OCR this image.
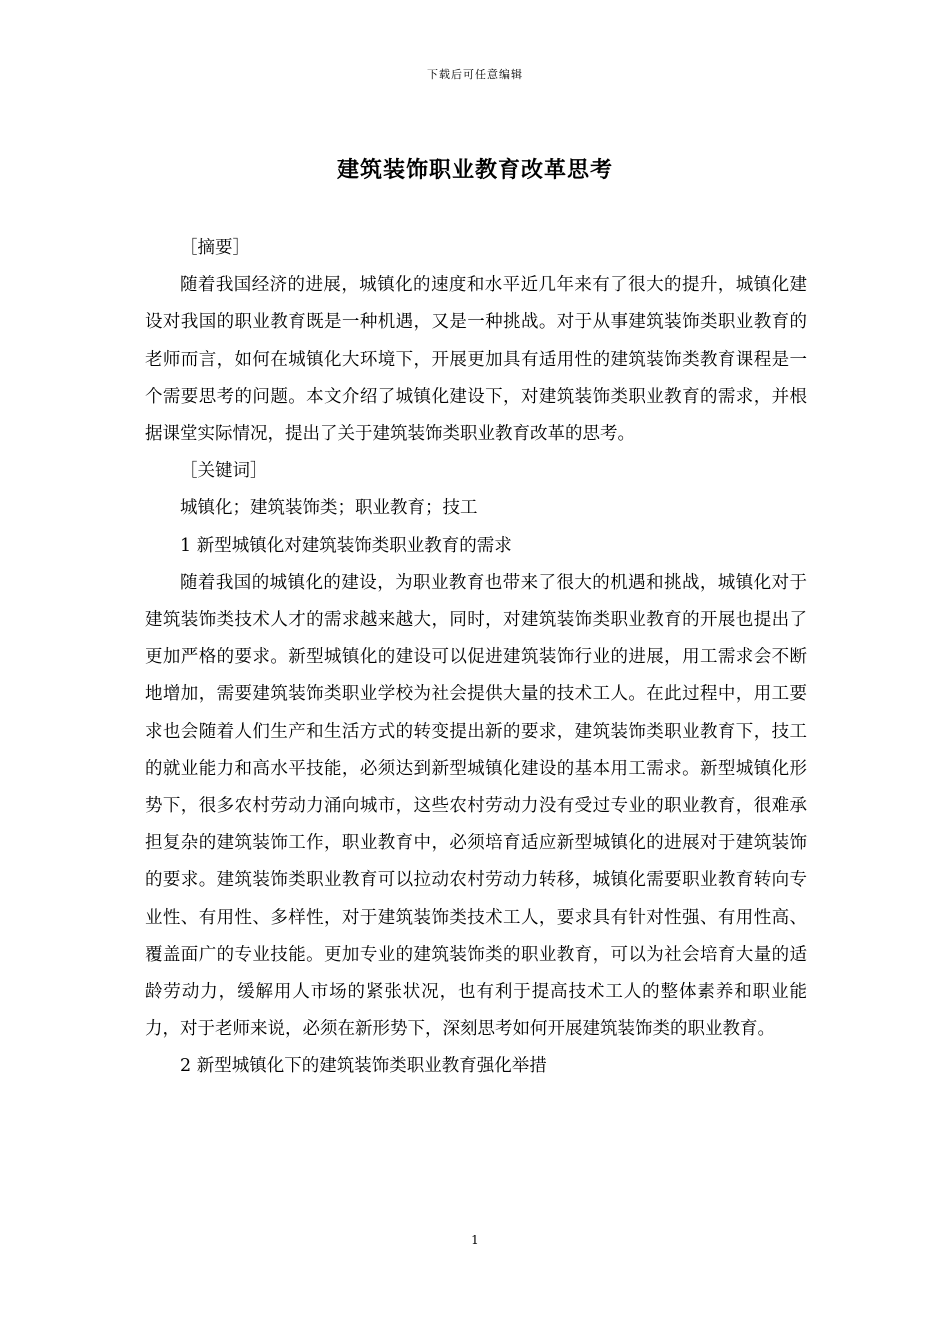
下载后可任意编辑
建筑装饰职业教育改革思考

［摘要］

随着我国经济的进展，城镇化的速度和水平近几年来有了很大的提升，城镇化建设对我国的职业教育既是一种机遇，又是一种挑战。对于从事建筑装饰类职业教育的老师而言，如何在城镇化大环境下，开展更加具有适用性的建筑装饰类教育课程是一个需要思考的问题。本文介绍了城镇化建设下，对建筑装饰类职业教育的需求，并根据课堂实际情况，提出了关于建筑装饰类职业教育改革的思考。

［关键词］

城镇化；建筑装饰类；职业教育；技工

1 新型城镇化对建筑装饰类职业教育的需求

随着我国的城镇化的建设，为职业教育也带来了很大的机遇和挑战，城镇化对于建筑装饰类技术人才的需求越来越大，同时，对建筑装饰类职业教育的开展也提出了更加严格的要求。新型城镇化的建设可以促进建筑装饰行业的进展，用工需求会不断地增加，需要建筑装饰类职业学校为社会提供大量的技术工人。在此过程中，用工要求也会随着人们生产和生活方式的转变提出新的要求，建筑装饰类职业教育下，技工的就业能力和高水平技能，必须达到新型城镇化建设的基本用工需求。新型城镇化形势下，很多农村劳动力涌向城市，这些农村劳动力没有受过专业的职业教育，很难承担复杂的建筑装饰工作，职业教育中，必须培育适应新型城镇化的进展对于建筑装饰的要求。建筑装饰类职业教育可以拉动农村劳动力转移，城镇化需要职业教育转向专业性、有用性、多样性，对于建筑装饰类技术工人，要求具有针对性强、有用性高、覆盖面广的专业技能。更加专业的建筑装饰类的职业教育，可以为社会培育大量的适龄劳动力，缓解用人市场的紧张状况，也有利于提高技术工人的整体素养和职业能力，对于老师来说，必须在新形势下，深刻思考如何开展建筑装饰类的职业教育。

2 新型城镇化下的建筑装饰类职业教育强化举措

1
